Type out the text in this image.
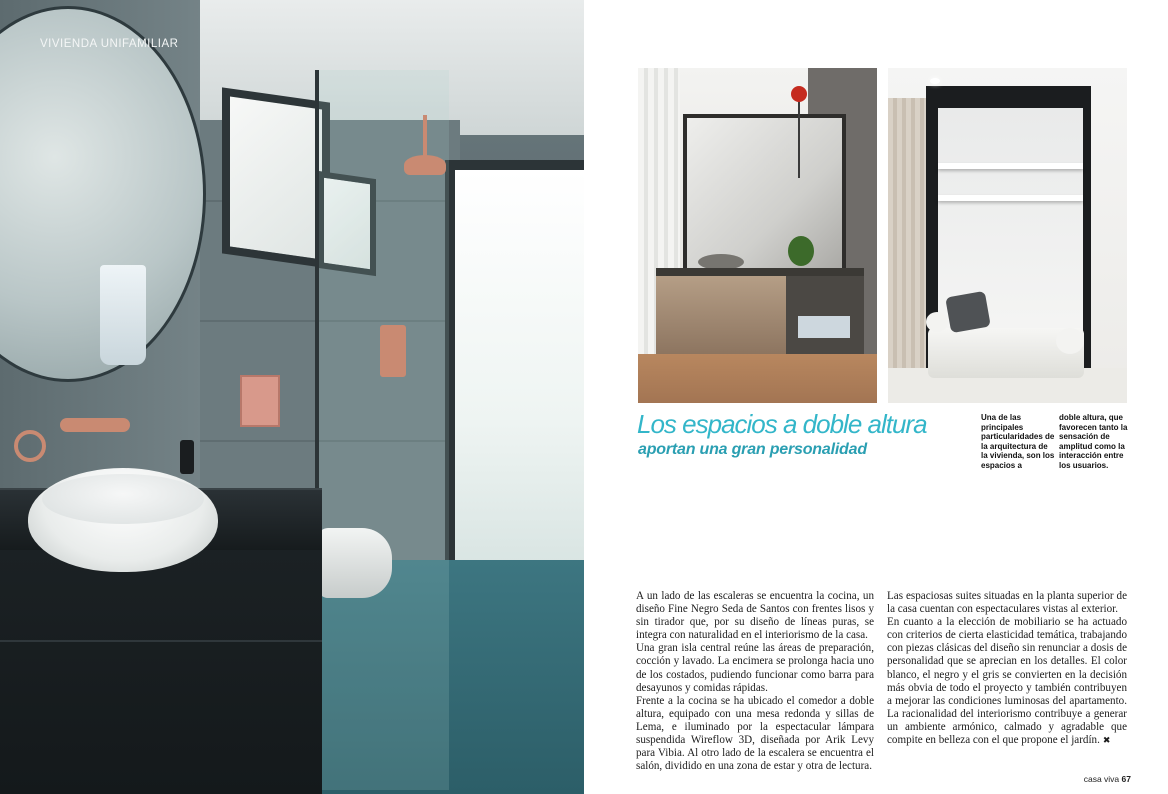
VIVIENDA UNIFAMILIAR
Los espacios a doble altura
aportan una gran personalidad
Una de las principales particularidades de la arquitectura de la vivienda, son los espacios a
doble altura, que favorecen tanto la sensación de amplitud como la interacción entre los usuarios.

A un lado de las escaleras se encuentra la cocina, un diseño Fine Negro Seda de Santos con frentes lisos y sin tirador que, por su diseño de líneas puras, se integra con naturalidad en el interiorismo de la casa.

Una gran isla central reúne las áreas de preparación, cocción y lavado. La encimera se prolonga hacia uno de los costados, pudiendo funcionar como barra para desayunos y comidas rápidas.

Frente a la cocina se ha ubicado el comedor a doble altura, equipado con una mesa redonda y sillas de Lema, e iluminado por la espectacular lámpara suspendida Wireflow 3D, diseñada por Arik Levy para Vibia. Al otro lado de la escalera se encuentra el salón, dividido en una zona de estar y otra de lectura.

Las espaciosas suites situadas en la planta superior de la casa cuentan con espectaculares vistas al exterior.

En cuanto a la elección de mobiliario se ha actuado con criterios de cierta elasticidad temática, trabajando con piezas clásicas del diseño sin renunciar a dosis de personalidad que se aprecian en los detalles. El color blanco, el negro y el gris se convierten en la decisión más obvia de todo el proyecto y también contribuyen a mejorar las condiciones luminosas del apartamento. La racionalidad del interiorismo contribuye a generar un ambiente armónico, calmado y agradable que compite en belleza con el que propone el jardín. ✖

casa viva 67
